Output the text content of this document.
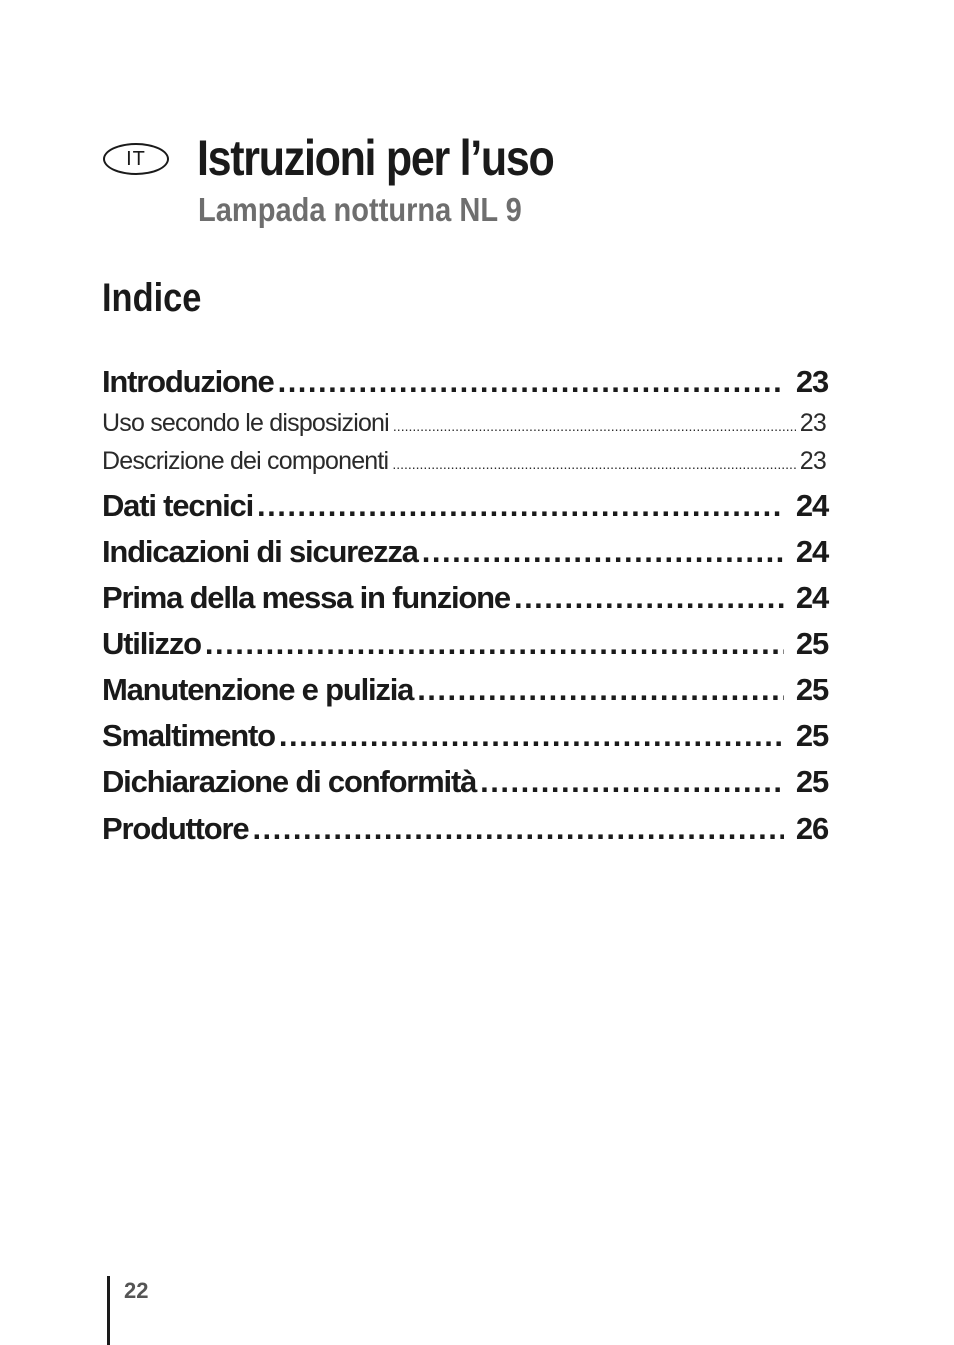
IT Istruzioni per l’uso
Lampada notturna NL 9
Indice
Introduzione .....	23
Uso secondo le disposizioni .....	23
Descrizione dei componenti .....	23
Dati tecnici .....	24
Indicazioni di sicurezza .....	24
Prima della messa in funzione .....	24
Utilizzo .....	25
Manutenzione e pulizia .....	25
Smaltimento .....	25
Dichiarazione di conformità .....	25
Produttore .....	26
22
